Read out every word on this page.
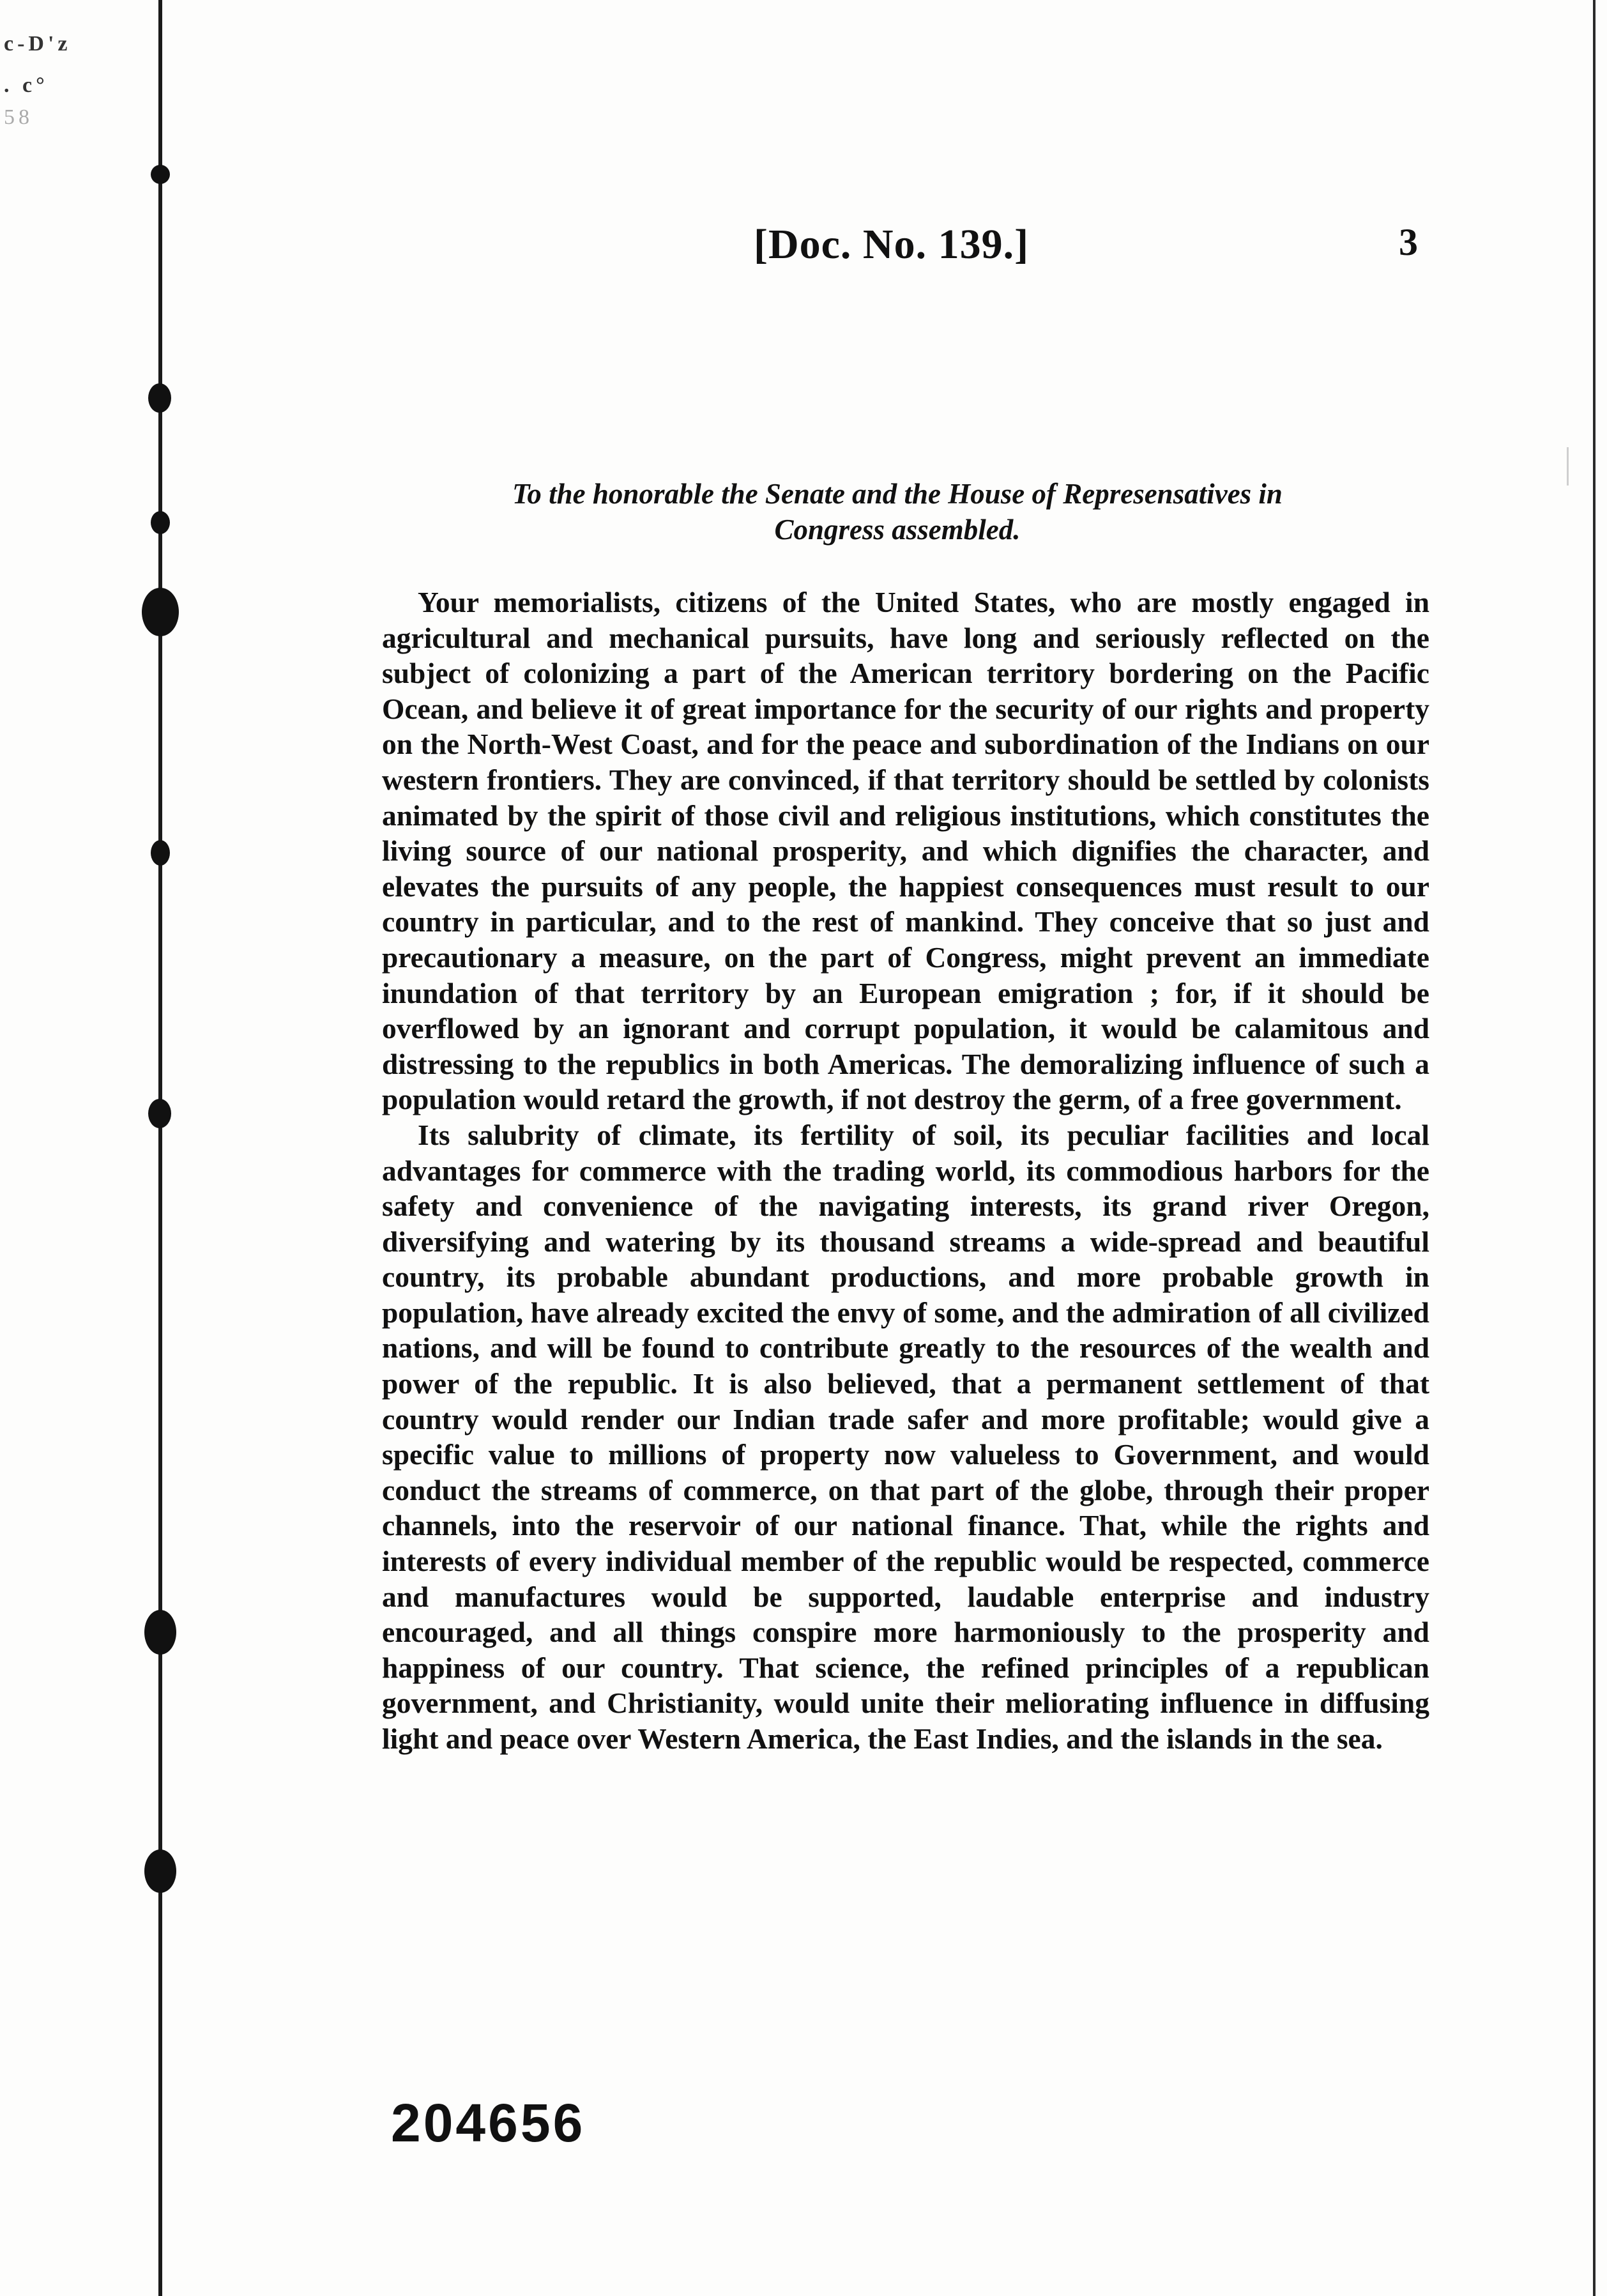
c‑D'z
. c°
58
[Doc. No. 139.]	3
To the honorable the Senate and the House of Represensatives in
Congress assembled.

Your memorialists, citizens of the United States, who are mostly engaged in agricultural and mechanical pursuits, have long and seriously reflected on the subject of colonizing a part of the American territory bordering on the Pacific Ocean, and believe it of great importance for the security of our rights and property on the North-West Coast, and for the peace and subordination of the Indians on our western frontiers. They are convinced, if that territory should be settled by colonists animated by the spirit of those civil and religious institutions, which constitutes the living source of our national prosperity, and which dignifies the character, and elevates the pursuits of any people, the happiest consequences must result to our country in particular, and to the rest of mankind. They conceive that so just and precautionary a measure, on the part of Congress, might prevent an immediate inundation of that territory by an European emigration ; for, if it should be overflowed by an ignorant and corrupt population, it would be calamitous and distressing to the republics in both Americas. The demoralizing influence of such a population would retard the growth, if not destroy the germ, of a free government.

Its salubrity of climate, its fertility of soil, its peculiar facilities and local advantages for commerce with the trading world, its commodious harbors for the safety and convenience of the navigating interests, its grand river Oregon, diversifying and watering by its thousand streams a wide-spread and beautiful country, its probable abundant productions, and more probable growth in population, have already excited the envy of some, and the admiration of all civilized nations, and will be found to contribute greatly to the resources of the wealth and power of the republic. It is also believed, that a permanent settlement of that country would render our Indian trade safer and more profitable; would give a specific value to millions of property now valueless to Government, and would conduct the streams of commerce, on that part of the globe, through their proper channels, into the reservoir of our national finance. That, while the rights and interests of every individual member of the republic would be respected, commerce and manufactures would be supported, laudable enterprise and industry encouraged, and all things conspire more harmoniously to the prosperity and happiness of our country. That science, the refined principles of a republican government, and Christianity, would unite their meliorating influence in diffusing light and peace over Western America, the East Indies, and the islands in the sea.

204656
